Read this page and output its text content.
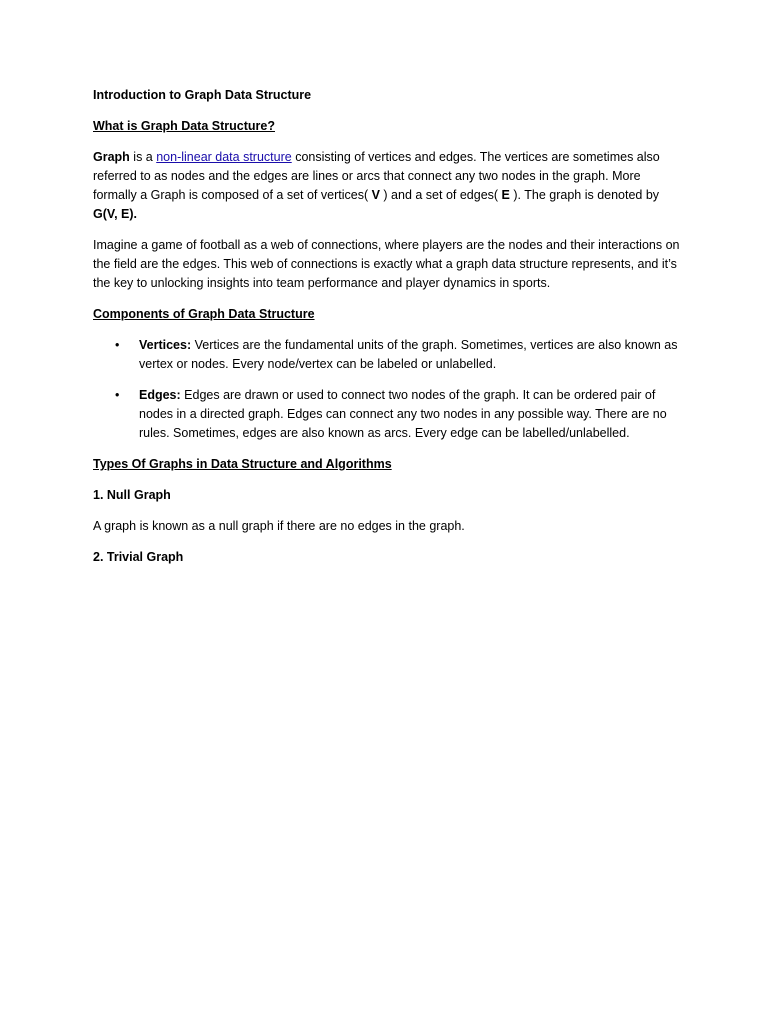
Introduction to Graph Data Structure

What is Graph Data Structure?

Graph is a non-linear data structure consisting of vertices and edges. The vertices are sometimes also referred to as nodes and the edges are lines or arcs that connect any two nodes in the graph. More formally a Graph is composed of a set of vertices( V ) and a set of edges( E ). The graph is denoted by G(V, E).

Imagine a game of football as a web of connections, where players are the nodes and their interactions on the field are the edges. This web of connections is exactly what a graph data structure represents, and it’s the key to unlocking insights into team performance and player dynamics in sports.

Components of Graph Data Structure

• Vertices: Vertices are the fundamental units of the graph. Sometimes, vertices are also known as vertex or nodes. Every node/vertex can be labeled or unlabelled.
• Edges: Edges are drawn or used to connect two nodes of the graph. It can be ordered pair of nodes in a directed graph. Edges can connect any two nodes in any possible way. There are no rules. Sometimes, edges are also known as arcs. Every edge can be labelled/unlabelled.

Types Of Graphs in Data Structure and Algorithms

1. Null Graph

A graph is known as a null graph if there are no edges in the graph.

2. Trivial Graph
